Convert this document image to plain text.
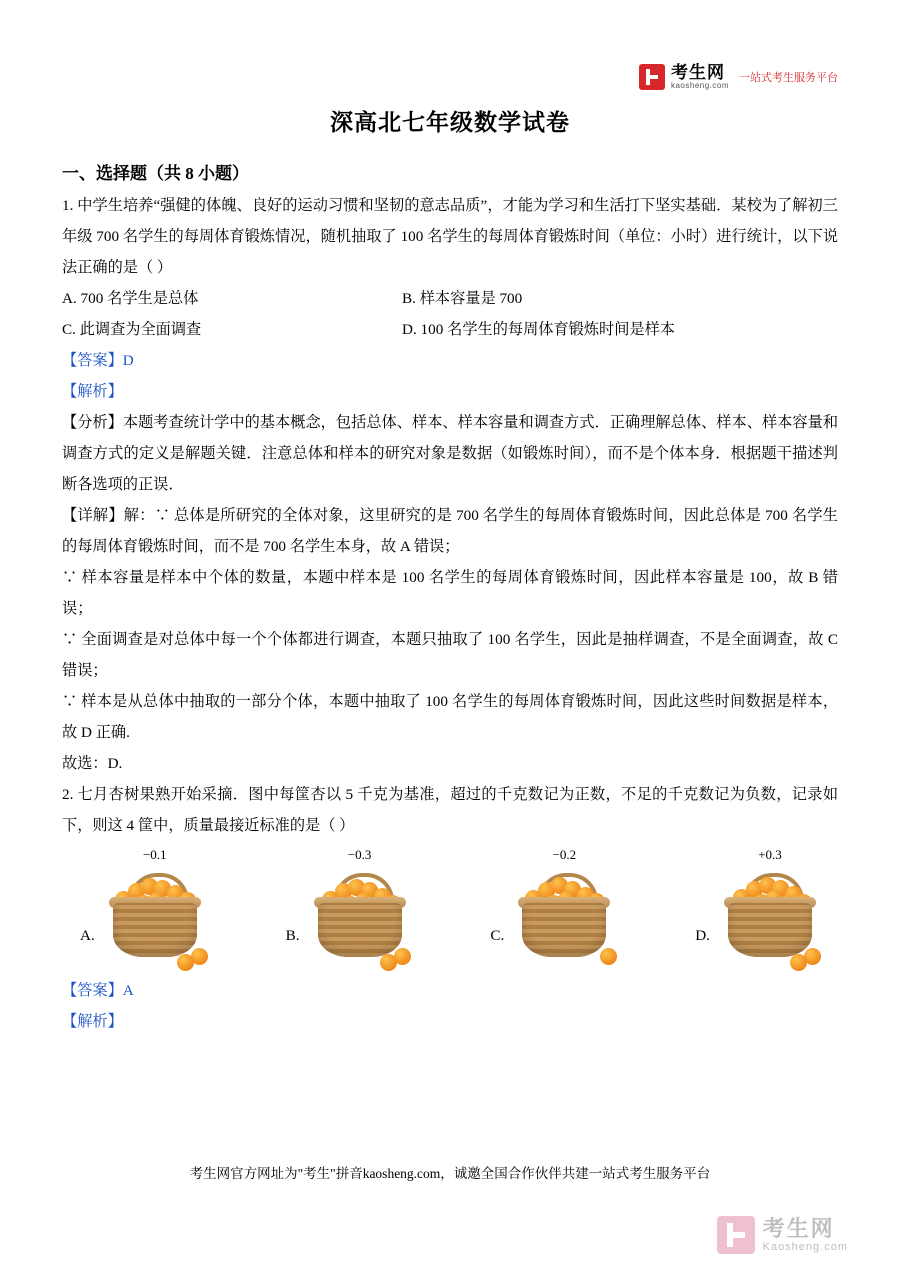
考生网
kaosheng.com
一站式考生服务平台
深高北七年级数学试卷
一、选择题（共 8 小题）

1. 中学生培养“强健的体魄、良好的运动习惯和坚韧的意志品质”，才能为学习和生活打下坚实基础．某校为了解初三年级 700 名学生的每周体育锻炼情况，随机抽取了 100 名学生的每周体育锻炼时间（单位：小时）进行统计，以下说法正确的是（ ）

A. 700 名学生是总体	B. 样本容量是 700
C. 此调查为全面调查	D. 100 名学生的每周体育锻炼时间是样本

【答案】D

【解析】

【分析】本题考查统计学中的基本概念，包括总体、样本、样本容量和调查方式．正确理解总体、样本、样本容量和调查方式的定义是解题关键．注意总体和样本的研究对象是数据（如锻炼时间），而不是个体本身．根据题干描述判断各选项的正误．

【详解】解：∵ 总体是所研究的全体对象，这里研究的是 700 名学生的每周体育锻炼时间，因此总体是 700 名学生的每周体育锻炼时间，而不是 700 名学生本身，故 A 错误；

∵ 样本容量是样本中个体的数量，本题中样本是 100 名学生的每周体育锻炼时间，因此样本容量是 100，故 B 错误；

∵ 全面调查是对总体中每一个个体都进行调查，本题只抽取了 100 名学生，因此是抽样调查，不是全面调查，故 C 错误；

∵ 样本是从总体中抽取的一部分个体，本题中抽取了 100 名学生的每周体育锻炼时间，因此这些时间数据是样本，故 D 正确.

故选：D.

2. 七月杏树果熟开始采摘．图中每筐杏以 5 千克为基准，超过的千克数记为正数，不足的千克数记为负数，记录如下，则这 4 筐中，质量最接近标准的是（ ）

A.
−0.1
B.
−0.3
C.
−0.2
D.
+0.3

【答案】A

【解析】

考生网官方网址为"考生"拼音kaosheng.com，诚邀全国合作伙伴共建一站式考生服务平台
考生网
Kaosheng.com
